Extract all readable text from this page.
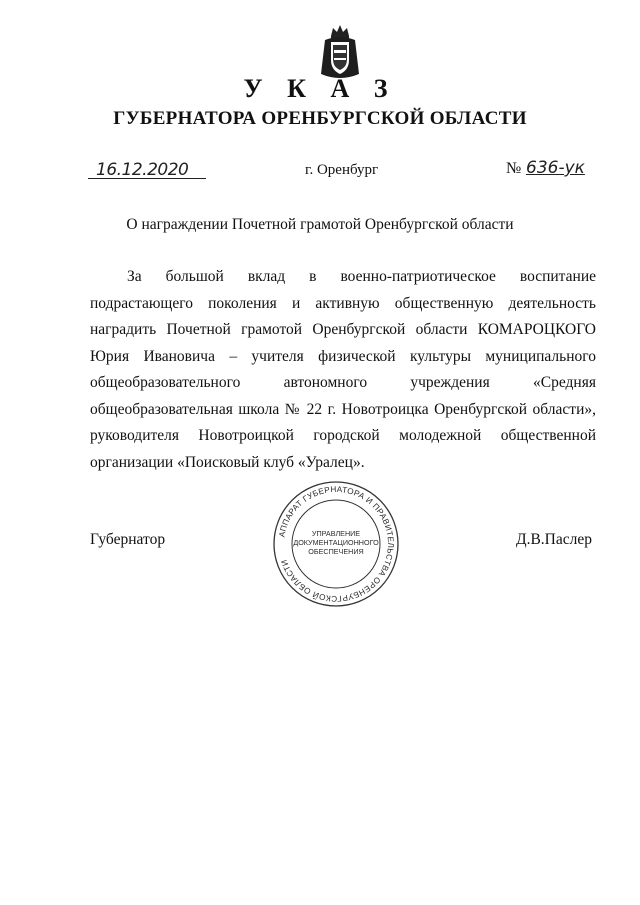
У К А З
ГУБЕРНАТОРА ОРЕНБУРГСКОЙ ОБЛАСТИ
16.12.2020	г. Оренбург	№ 636-ук
О награждении Почетной грамотой Оренбургской области

За большой вклад в военно-патриотическое воспитание подрастающего поколения и активную общественную деятельность наградить Почетной грамотой Оренбургской области КОМАРОЦКОГО Юрия Ивановича – учителя физической культуры муниципального общеобразовательного автономного учреждения «Средняя общеобразовательная школа № 22 г. Новотроицка Оренбургской области», руководителя Новотроицкой городской молодежной общественной организации «Поисковый клуб «Уралец».

Губернатор	Д.В.Паслер
АППАРАТ ГУБЕРНАТОРА И ПРАВИТЕЛЬСТВА ОРЕНБУРГСКОЙ ОБЛАСТИ
УПРАВЛЕНИЕ
ДОКУМЕНТАЦИОННОГО
ОБЕСПЕЧЕНИЯ
